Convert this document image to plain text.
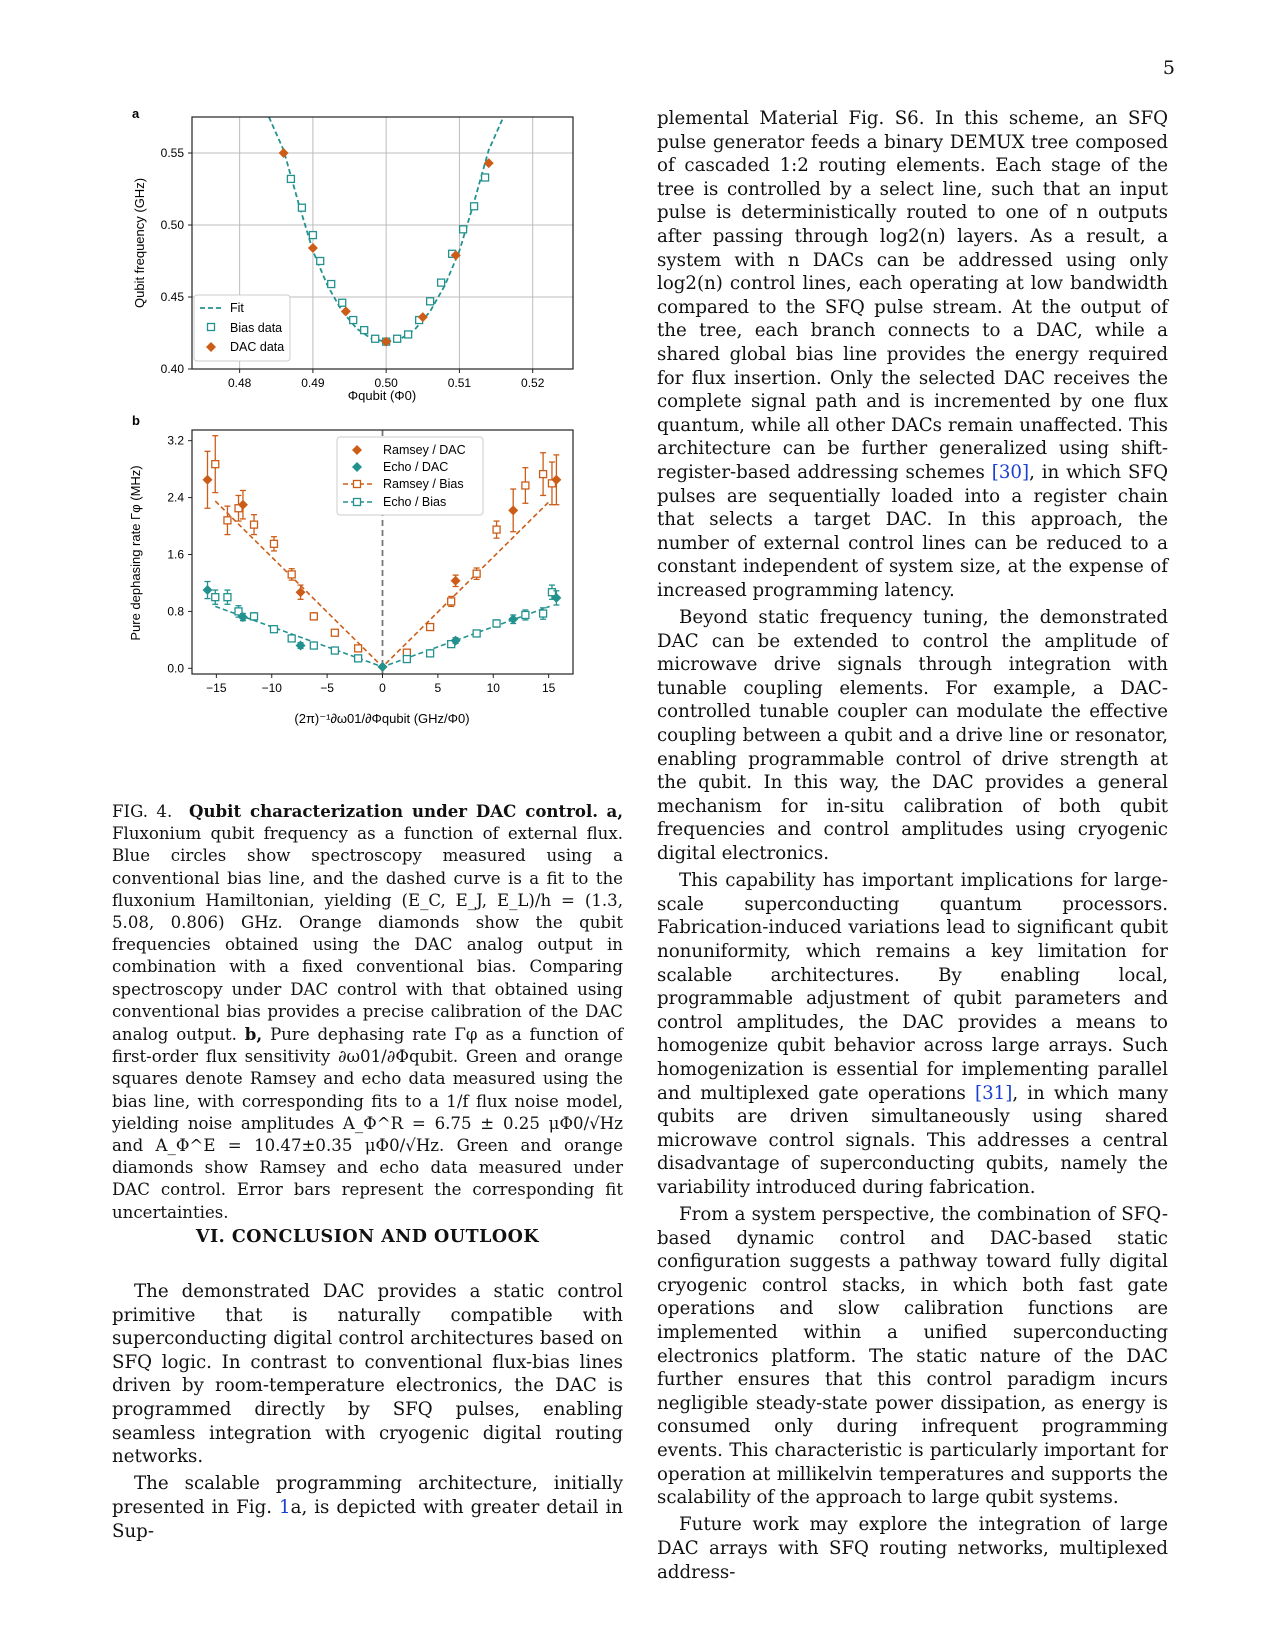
5
a
0.48	0.49	0.50	0.51	0.52
0.40
0.45
0.50
0.55
Qubit frequency (GHz)
Φqubit (Φ0)
Fit
Bias data
DAC data
b
−15	−10	−5	0	5	10	15
0.0
0.8
1.6
2.4
3.2
Pure dephasing rate Γφ (MHz)
(2π)⁻¹∂ω01/∂Φqubit (GHz/Φ0)
Ramsey / DAC
Echo / DAC
Ramsey / Bias
Echo / Bias
FIG. 4. Qubit characterization under DAC control. a, Fluxonium qubit frequency as a function of external flux. Blue circles show spectroscopy measured using a conventional bias line, and the dashed curve is a fit to the fluxonium Hamiltonian, yielding (E_C, E_J, E_L)/h = (1.3, 5.08, 0.806) GHz. Orange diamonds show the qubit frequencies obtained using the DAC analog output in combination with a fixed conventional bias. Comparing spectroscopy under DAC control with that obtained using conventional bias provides a precise calibration of the DAC analog output. b, Pure dephasing rate Γφ as a function of first-order flux sensitivity ∂ω01/∂Φqubit. Green and orange squares denote Ramsey and echo data measured using the bias line, with corresponding fits to a 1/f flux noise model, yielding noise amplitudes A_Φ^R = 6.75 ± 0.25 μΦ0/√Hz and A_Φ^E = 10.47±0.35 μΦ0/√Hz. Green and orange diamonds show Ramsey and echo data measured under DAC control. Error bars represent the corresponding fit uncertainties.
VI. CONCLUSION AND OUTLOOK

The demonstrated DAC provides a static control primitive that is naturally compatible with superconducting digital control architectures based on SFQ logic. In contrast to conventional flux-bias lines driven by room-temperature electronics, the DAC is programmed directly by SFQ pulses, enabling seamless integration with cryogenic digital routing networks.

The scalable programming architecture, initially presented in Fig. 1a, is depicted with greater detail in Sup-

plemental Material Fig. S6. In this scheme, an SFQ pulse generator feeds a binary DEMUX tree composed of cascaded 1:2 routing elements. Each stage of the tree is controlled by a select line, such that an input pulse is deterministically routed to one of n outputs after passing through log2(n) layers. As a result, a system with n DACs can be addressed using only log2(n) control lines, each operating at low bandwidth compared to the SFQ pulse stream. At the output of the tree, each branch connects to a DAC, while a shared global bias line provides the energy required for flux insertion. Only the selected DAC receives the complete signal path and is incremented by one flux quantum, while all other DACs remain unaffected. This architecture can be further generalized using shift-register-based addressing schemes [30], in which SFQ pulses are sequentially loaded into a register chain that selects a target DAC. In this approach, the number of external control lines can be reduced to a constant independent of system size, at the expense of increased programming latency.

Beyond static frequency tuning, the demonstrated DAC can be extended to control the amplitude of microwave drive signals through integration with tunable coupling elements. For example, a DAC-controlled tunable coupler can modulate the effective coupling between a qubit and a drive line or resonator, enabling programmable control of drive strength at the qubit. In this way, the DAC provides a general mechanism for in-situ calibration of both qubit frequencies and control amplitudes using cryogenic digital electronics.

This capability has important implications for large-scale superconducting quantum processors. Fabrication-induced variations lead to significant qubit nonuniformity, which remains a key limitation for scalable architectures. By enabling local, programmable adjustment of qubit parameters and control amplitudes, the DAC provides a means to homogenize qubit behavior across large arrays. Such homogenization is essential for implementing parallel and multiplexed gate operations [31], in which many qubits are driven simultaneously using shared microwave control signals. This addresses a central disadvantage of superconducting qubits, namely the variability introduced during fabrication.

From a system perspective, the combination of SFQ-based dynamic control and DAC-based static configuration suggests a pathway toward fully digital cryogenic control stacks, in which both fast gate operations and slow calibration functions are implemented within a unified superconducting electronics platform. The static nature of the DAC further ensures that this control paradigm incurs negligible steady-state power dissipation, as energy is consumed only during infrequent programming events. This characteristic is particularly important for operation at millikelvin temperatures and supports the scalability of the approach to large qubit systems.

Future work may explore the integration of large DAC arrays with SFQ routing networks, multiplexed address-
